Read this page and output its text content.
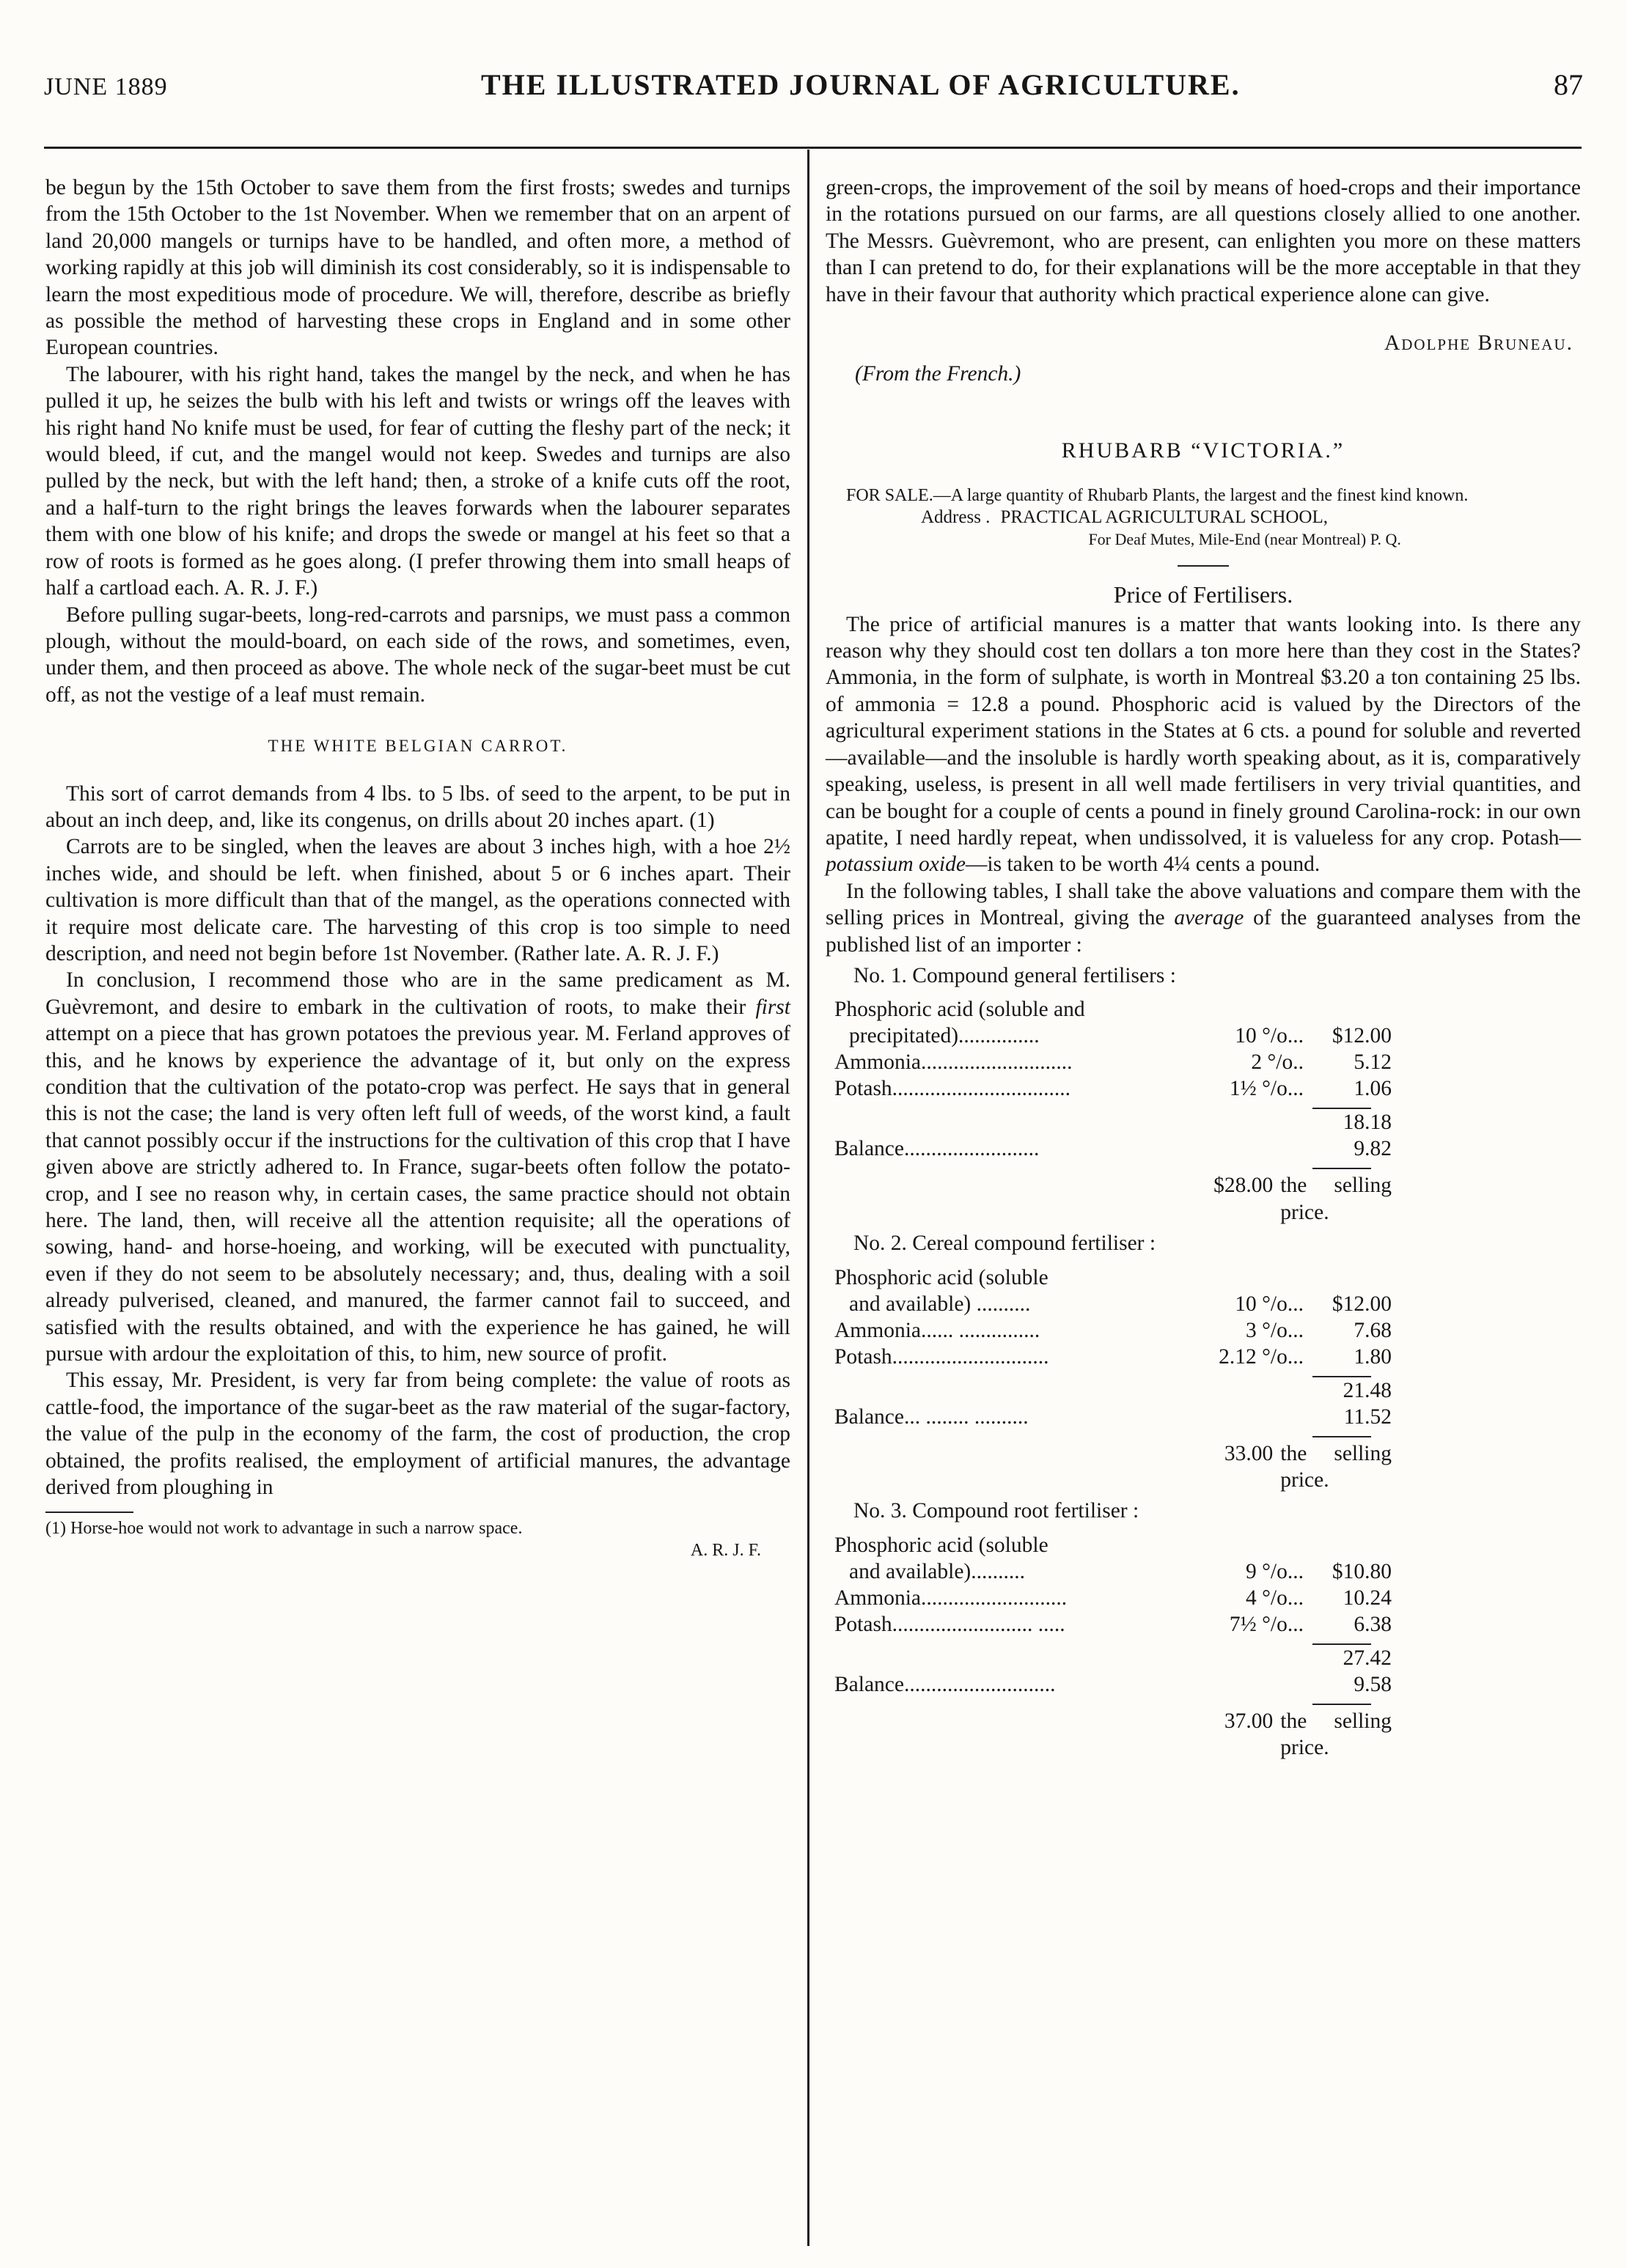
JUNE 1889	THE ILLUSTRATED JOURNAL OF AGRICULTURE.	87

be begun by the 15th October to save them from the first frosts; swedes and turnips from the 15th October to the 1st November. When we remember that on an arpent of land 20,000 mangels or turnips have to be handled, and often more, a method of working rapidly at this job will diminish its cost considerably, so it is indispensable to learn the most expeditious mode of procedure. We will, therefore, describe as briefly as possible the method of harvesting these crops in England and in some other European countries.

The labourer, with his right hand, takes the mangel by the neck, and when he has pulled it up, he seizes the bulb with his left and twists or wrings off the leaves with his right hand No knife must be used, for fear of cutting the fleshy part of the neck; it would bleed, if cut, and the mangel would not keep. Swedes and turnips are also pulled by the neck, but with the left hand; then, a stroke of a knife cuts off the root, and a half-turn to the right brings the leaves forwards when the labourer separates them with one blow of his knife; and drops the swede or mangel at his feet so that a row of roots is formed as he goes along. (I prefer throwing them into small heaps of half a cartload each. A. R. J. F.)

Before pulling sugar-beets, long-red-carrots and parsnips, we must pass a common plough, without the mould-board, on each side of the rows, and sometimes, even, under them, and then proceed as above. The whole neck of the sugar-beet must be cut off, as not the vestige of a leaf must remain.

THE WHITE BELGIAN CARROT.

This sort of carrot demands from 4 lbs. to 5 lbs. of seed to the arpent, to be put in about an inch deep, and, like its congenus, on drills about 20 inches apart. (1)

Carrots are to be singled, when the leaves are about 3 inches high, with a hoe 2½ inches wide, and should be left. when finished, about 5 or 6 inches apart. Their cultivation is more difficult than that of the mangel, as the operations connected with it require most delicate care. The harvesting of this crop is too simple to need description, and need not begin before 1st November. (Rather late. A. R. J. F.)

In conclusion, I recommend those who are in the same predicament as M. Guèvremont, and desire to embark in the cultivation of roots, to make their first attempt on a piece that has grown potatoes the previous year. M. Ferland approves of this, and he knows by experience the advantage of it, but only on the express condition that the cultivation of the potato-crop was perfect. He says that in general this is not the case; the land is very often left full of weeds, of the worst kind, a fault that cannot possibly occur if the instructions for the cultivation of this crop that I have given above are strictly adhered to. In France, sugar-beets often follow the potato-crop, and I see no reason why, in certain cases, the same practice should not obtain here. The land, then, will receive all the attention requisite; all the operations of sowing, hand- and horse-hoeing, and working, will be executed with punctuality, even if they do not seem to be absolutely necessary; and, thus, dealing with a soil already pulverised, cleaned, and manured, the farmer cannot fail to succeed, and satisfied with the results obtained, and with the experience he has gained, he will pursue with ardour the exploitation of this, to him, new source of profit.

This essay, Mr. President, is very far from being complete: the value of roots as cattle-food, the importance of the sugar-beet as the raw material of the sugar-factory, the value of the pulp in the economy of the farm, the cost of production, the crop obtained, the profits realised, the employment of artificial manures, the advantage derived from ploughing in

(1) Horse-hoe would not work to advantage in such a narrow space.
A. R. J. F.

green-crops, the improvement of the soil by means of hoed-crops and their importance in the rotations pursued on our farms, are all questions closely allied to one another. The Messrs. Guèvremont, who are present, can enlighten you more on these matters than I can pretend to do, for their explanations will be the more acceptable in that they have in their favour that authority which practical experience alone can give.

Adolphe Bruneau.
(From the French.)
RHUBARB “VICTORIA.”

FOR SALE.—A large quantity of Rhubarb Plants, the largest and the finest kind known.

Address . PRACTICAL AGRICULTURAL SCHOOL,
For Deaf Mutes, Mile-End (near Montreal) P. Q.
Price of Fertilisers.

The price of artificial manures is a matter that wants looking into. Is there any reason why they should cost ten dollars a ton more here than they cost in the States? Ammonia, in the form of sulphate, is worth in Montreal $3.20 a ton containing 25 lbs. of ammonia = 12.8 a pound. Phosphoric acid is valued by the Directors of the agricultural experiment stations in the States at 6 cts. a pound for soluble and reverted—available—and the insoluble is hardly worth speaking about, as it is, comparatively speaking, useless, is present in all well made fertilisers in very trivial quantities, and can be bought for a couple of cents a pound in finely ground Carolina-rock: in our own apatite, I need hardly repeat, when undissolved, it is valueless for any crop. Potash—potassium oxide—is taken to be worth 4¼ cents a pound.

In the following tables, I shall take the above valuations and compare them with the selling prices in Montreal, giving the average of the guaranteed analyses from the published list of an importer :

No. 1. Compound general fertilisers :
Phosphoric acid (soluble and
precipitated)...............	10 °/o...	$12.00
Ammonia............................	2 °/o..	5.12
Potash.................................	1½ °/o...	1.06
18.18
Balance.........................	9.82
$28.00 the selling price.
No. 2. Cereal compound fertiliser :
Phosphoric acid (soluble
and available) ..........	10 °/o...	$12.00
Ammonia...... ...............	3 °/o...	7.68
Potash.............................	2.12 °/o...	1.80
21.48
Balance... ........ ..........	11.52
33.00 the selling price.
No. 3. Compound root fertiliser :
Phosphoric acid (soluble
and available)..........	9 °/o...	$10.80
Ammonia...........................	4 °/o...	10.24
Potash.......................... .....	7½ °/o...	6.38
27.42
Balance............................	9.58
37.00 the selling price.
